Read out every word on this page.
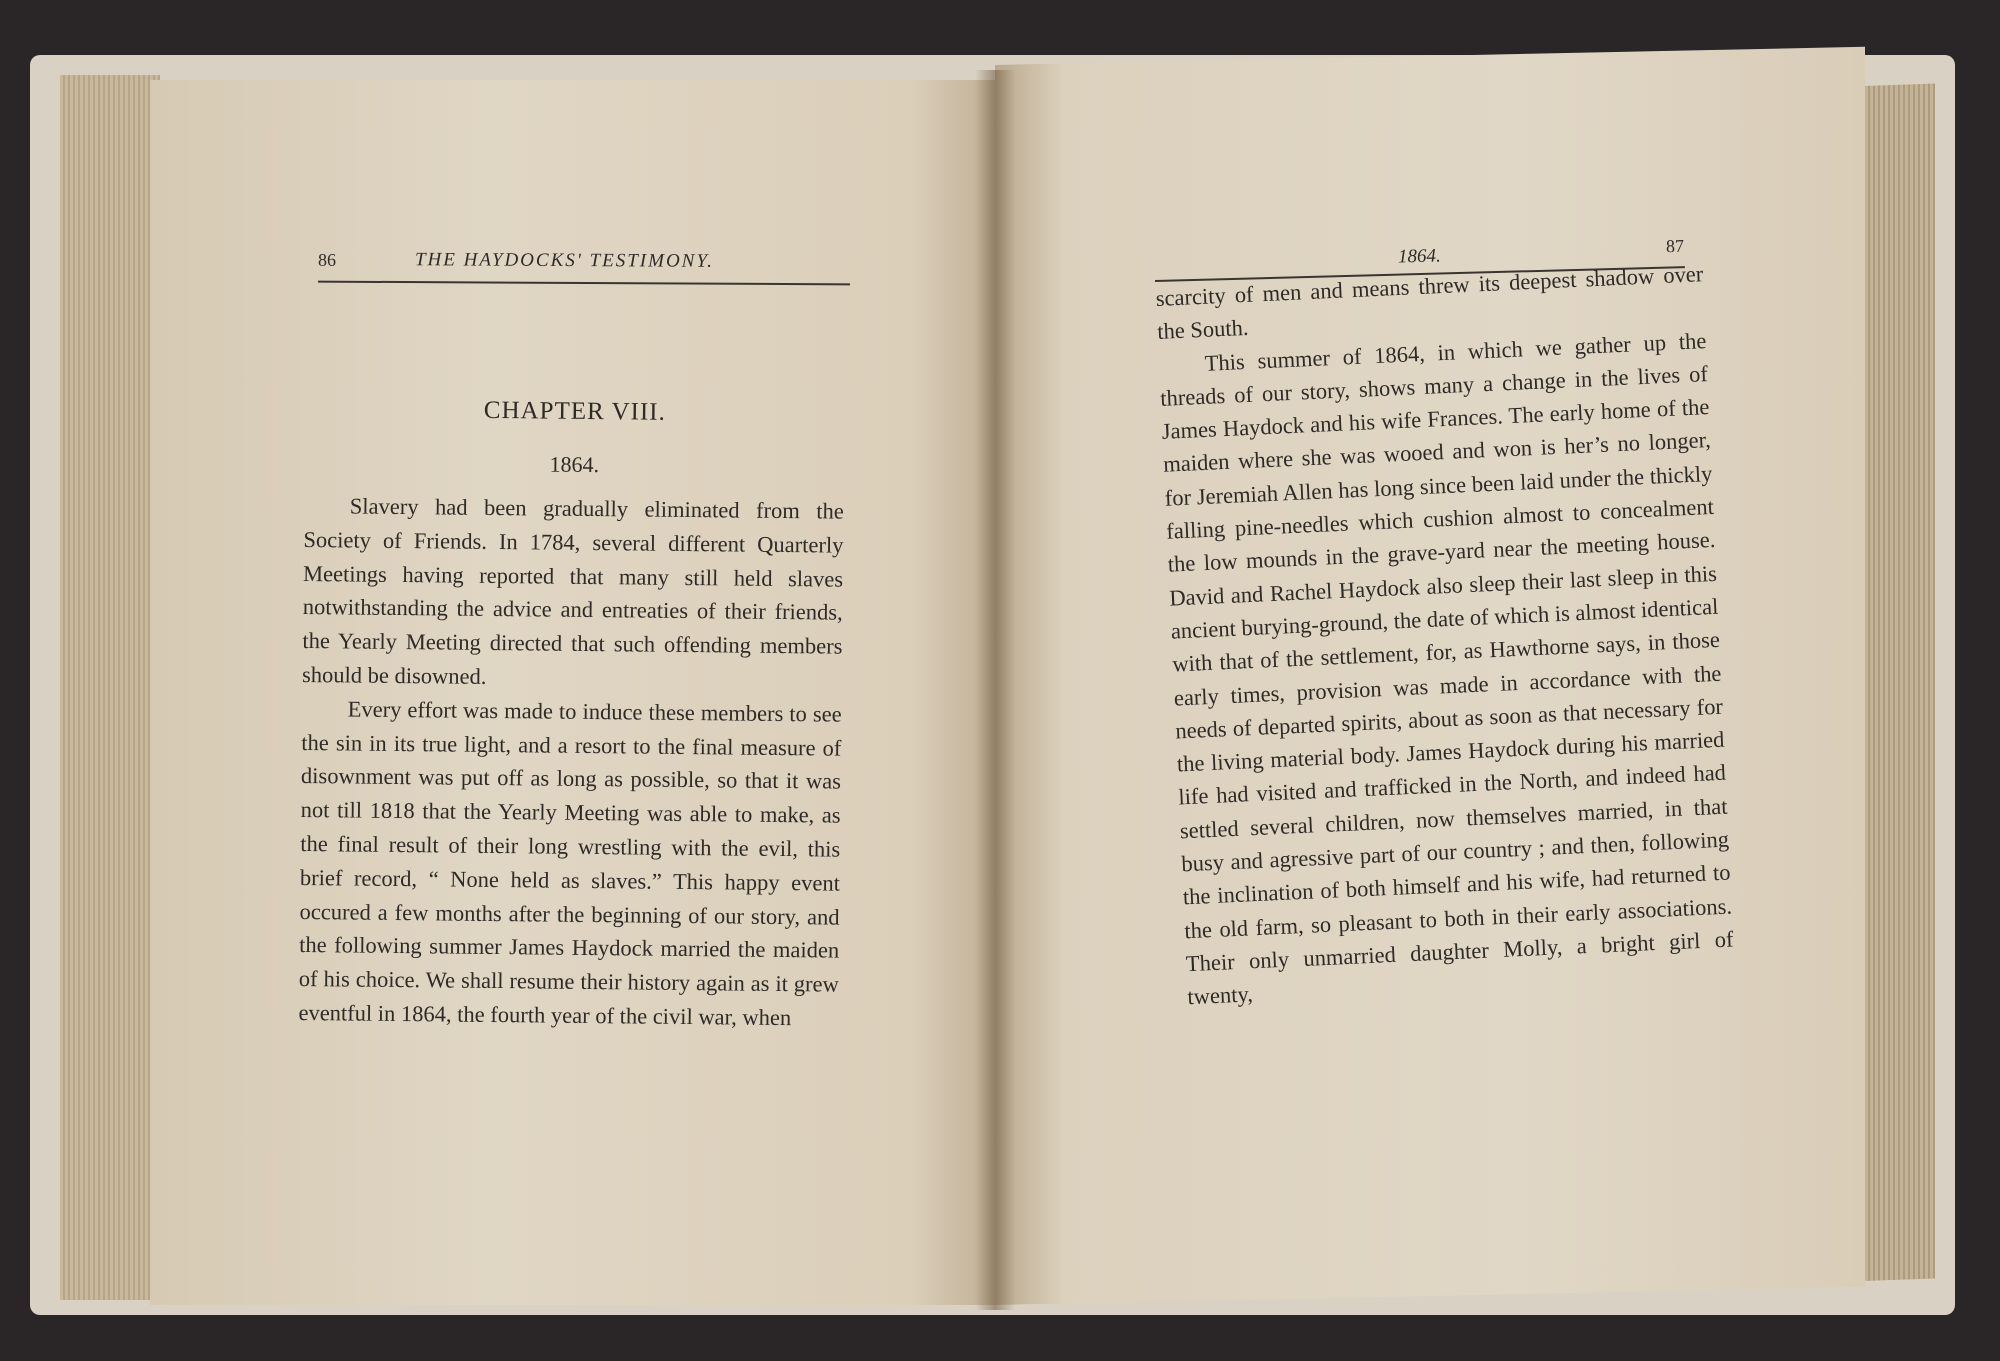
86	THE HAYDOCKS' TESTIMONY.
CHAPTER VIII.
1864.

Slavery had been gradually eliminated from the Society of Friends. In 1784, several different Quarterly Meetings having reported that many still held slaves notwithstanding the advice and entreaties of their friends, the Yearly Meeting directed that such offending members should be disowned.

Every effort was made to induce these members to see the sin in its true light, and a resort to the final measure of disownment was put off as long as possible, so that it was not till 1818 that the Yearly Meeting was able to make, as the final result of their long wrestling with the evil, this brief record, “ None held as slaves.” This happy event occured a few months after the beginning of our story, and the following summer James Haydock married the maiden of his choice. We shall resume their history again as it grew eventful in 1864, the fourth year of the civil war, when

1864.	87

scarcity of men and means threw its deepest shadow over the South.

This summer of 1864, in which we gather up the threads of our story, shows many a change in the lives of James Haydock and his wife Frances. The early home of the maiden where she was wooed and won is her’s no longer, for Jeremiah Allen has long since been laid under the thickly falling pine-needles which cushion almost to concealment the low mounds in the grave-yard near the meeting house. David and Rachel Haydock also sleep their last sleep in this ancient burying-ground, the date of which is almost identical with that of the settlement, for, as Hawthorne says, in those early times, provision was made in accordance with the needs of departed spirits, about as soon as that necessary for the living material body. James Haydock during his married life had visited and trafficked in the North, and indeed had settled several children, now themselves married, in that busy and agressive part of our country ; and then, following the inclination of both himself and his wife, had returned to the old farm, so pleasant to both in their early associations. Their only unmarried daughter Molly, a bright girl of twenty,
